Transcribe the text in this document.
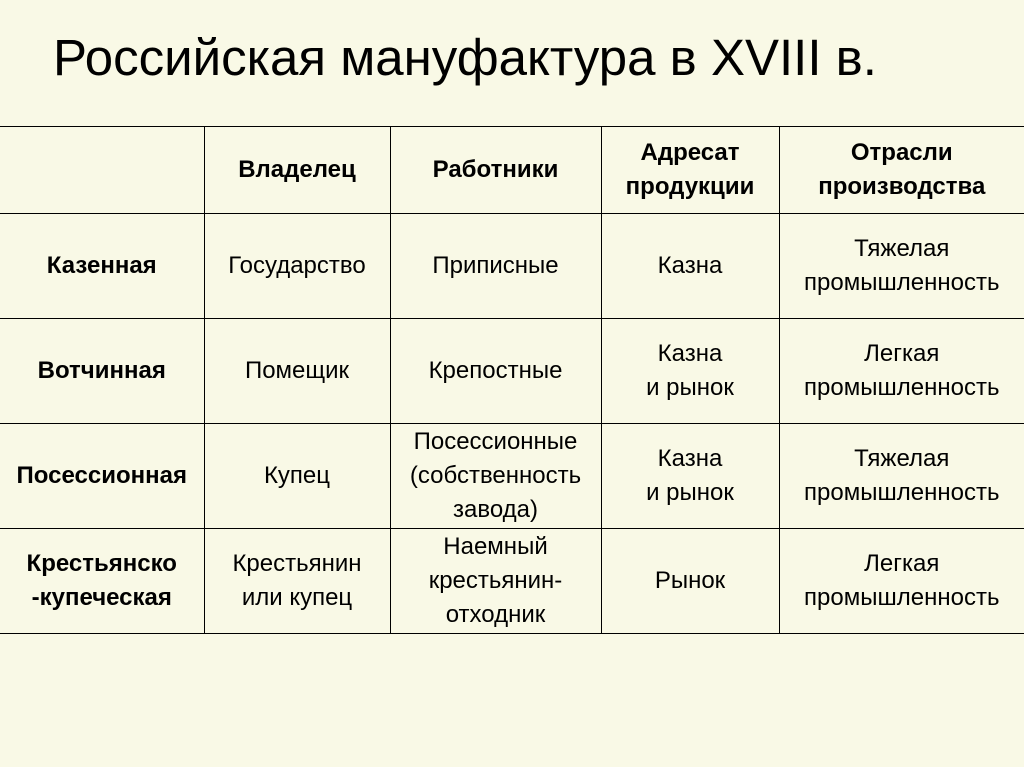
Российская мануфактура в XVIII в.

	Владелец	Работники	Адресат
продукции	Отрасли
производства

Казенная	Государство	Приписные	Казна	Тяжелая
промышленность

Вотчинная	Помещик	Крепостные	Казна
и рынок	Легкая
промышленность

Посессионная	Купец	Посессионные
(собственность
завода)	Казна
и рынок	Тяжелая
промышленность

Крестьянско
-купеческая	Крестьянин
или купец	Наемный
крестьянин-
отходник	Рынок	Легкая
промышленность
